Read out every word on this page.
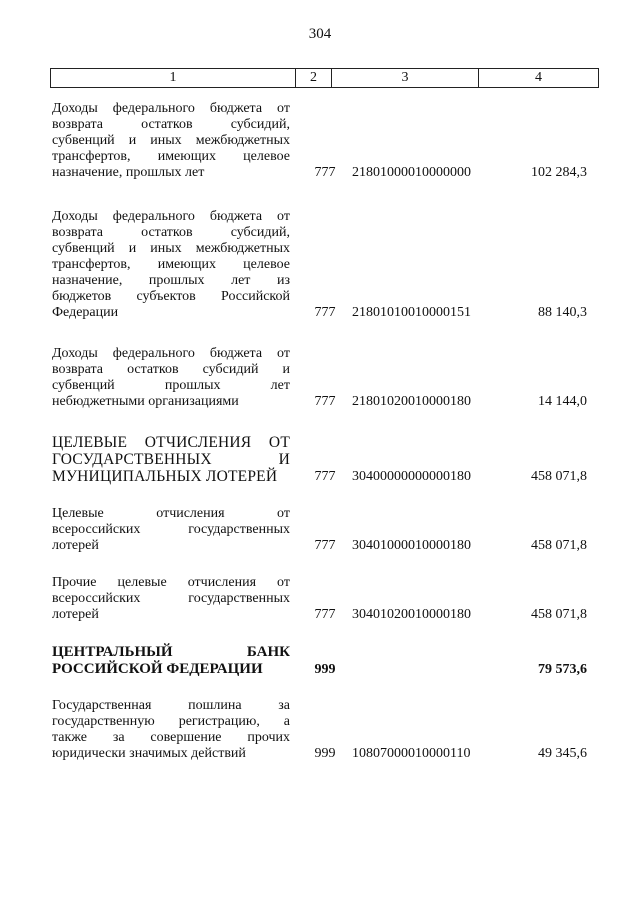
304
1	2	3	4
Доходы федерального бюджета от
возврата остатков субсидий,
субвенций и иных межбюджетных
трансфертов, имеющих целевое
назначение, прошлых лет	777 21801000010000000	102 284,3
Доходы федерального бюджета от
возврата остатков субсидий,
субвенций и иных межбюджетных
трансфертов, имеющих целевое
назначение, прошлых лет из
бюджетов субъектов Российской
Федерации	777 21801010010000151	88 140,3
Доходы федерального бюджета от
возврата остатков субсидий и
субвенций прошлых лет
небюджетными организациями	777 21801020010000180	14 144,0
ЦЕЛЕВЫЕ ОТЧИСЛЕНИЯ ОТ
ГОСУДАРСТВЕННЫХ И
МУНИЦИПАЛЬНЫХ ЛОТЕРЕЙ	777 30400000000000180	458 071,8
Целевые отчисления от
всероссийских государственных
лотерей	777 30401000010000180	458 071,8
Прочие целевые отчисления от
всероссийских государственных
лотерей	777 30401020010000180	458 071,8
ЦЕНТРАЛЬНЫЙ БАНК
РОССИЙСКОЙ ФЕДЕРАЦИИ	999	79 573,6
Государственная пошлина за
государственную регистрацию, а
также за совершение прочих
юридически значимых действий	999 10807000010000110	49 345,6
